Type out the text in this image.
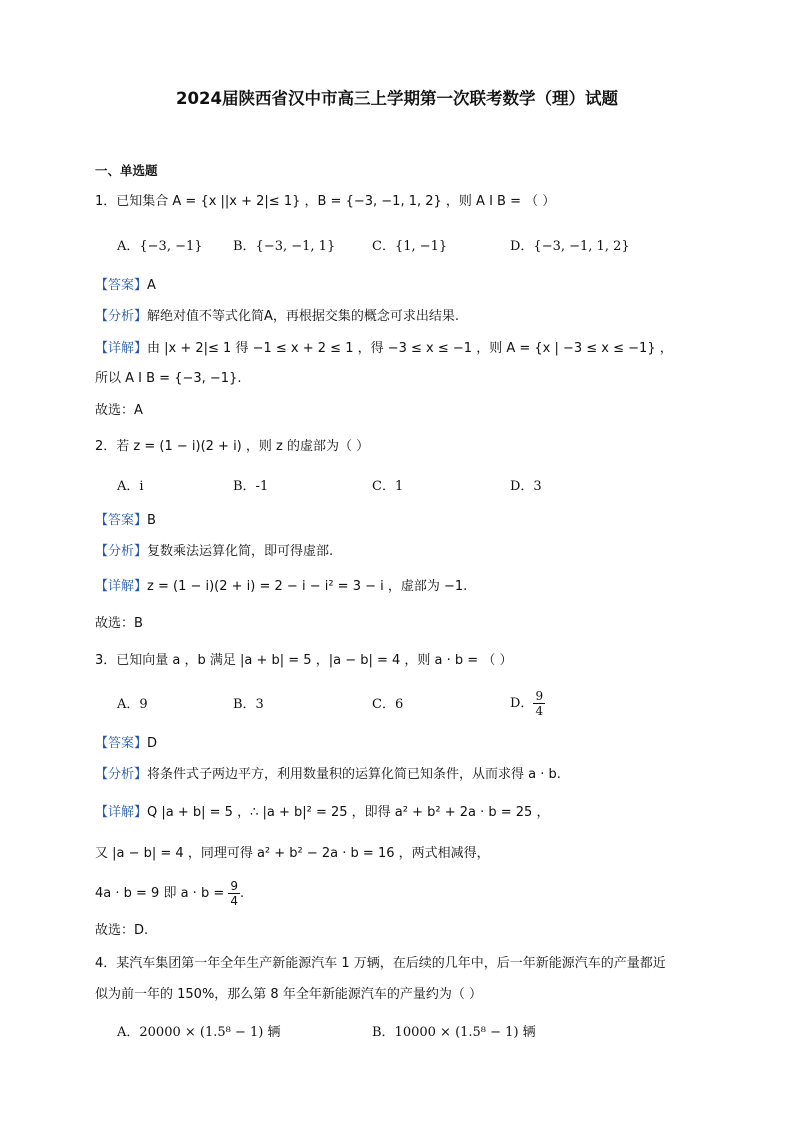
2024届陕西省汉中市高三上学期第一次联考数学（理）试题
一、单选题
1．已知集合 A = {x ||x + 2|≤ 1} ，B = {−3, −1, 1, 2} ，则 A I B = （ ）
A．{−3, −1} B．{−3, −1, 1}	C．{1, −1}	D．{−3, −1, 1, 2}
【答案】A
【分析】解绝对值不等式化简A，再根据交集的概念可求出结果.
【详解】由 |x + 2|≤ 1 得 −1 ≤ x + 2 ≤ 1 ，得 −3 ≤ x ≤ −1 ，则 A = {x | −3 ≤ x ≤ −1} ，
所以 A I B = {−3, −1}.
故选：A
2．若 z = (1 − i)(2 + i) ，则 z 的虚部为（ ）
A．i	B．-1	C．1	D．3
【答案】B
【分析】复数乘法运算化简，即可得虚部.
【详解】z = (1 − i)(2 + i) = 2 − i − i² = 3 − i ，虚部为 −1.
故选：B
3．已知向量 a ，b 满足 |a + b| = 5 ，|a − b| = 4 ，则 a · b = （ ）
A．9	B．3	C．6	D． $\frac{9}{4}$
【答案】D
【分析】将条件式子两边平方，利用数量积的运算化简已知条件，从而求得 a · b.
【详解】Q |a + b| = 5 ，∴ |a + b|² = 25 ，即得 a² + b² + 2a · b = 25 ，
又 |a − b| = 4 ，同理可得 a² + b² − 2a · b = 16 ，两式相减得，
4a · b = 9 即 $a \cdot b = \frac{9}{4}$ .
故选：D.
4．某汽车集团第一年全年生产新能源汽车 1 万辆，在后续的几年中，后一年新能源汽车的产量都近
似为前一年的 150%，那么第 8 年全年新能源汽车的产量约为（ ）
A．20000 × (1.5⁸ − 1) 辆	B．10000 × (1.5⁸ − 1) 辆
